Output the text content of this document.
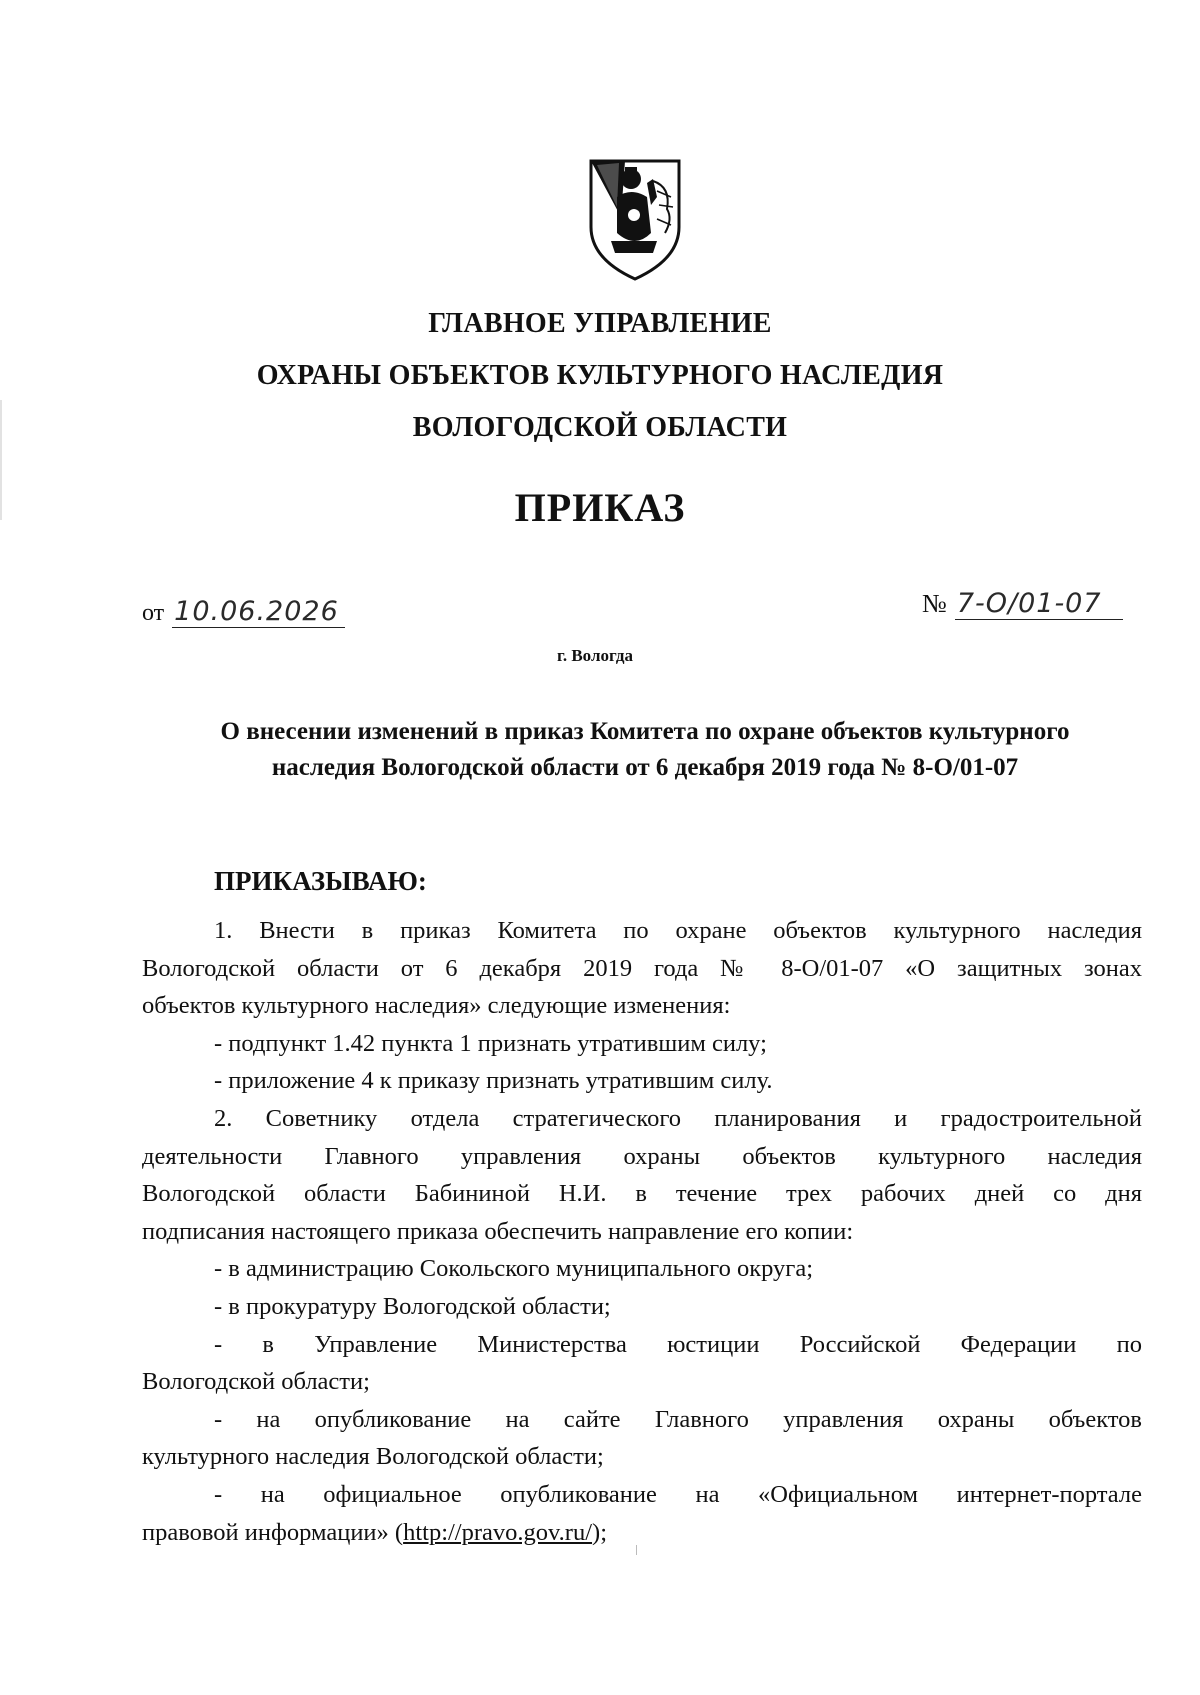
ГЛАВНОЕ УПРАВЛЕНИЕ
ОХРАНЫ ОБЪЕКТОВ КУЛЬТУРНОГО НАСЛЕДИЯ
ВОЛОГОДСКОЙ ОБЛАСТИ
ПРИКАЗ
от 10.06.2026	№ 7-О/01-07
г. Вологда
О внесении изменений в приказ Комитета по охране объектов культурного
наследия Вологодской области от 6 декабря 2019 года № 8-О/01-07
ПРИКАЗЫВАЮ:

1. Внести в приказ Комитета по охране объектов культурного наследия

Вологодской области от 6 декабря 2019 года № 8-О/01-07 «О защитных зонах

объектов культурного наследия» следующие изменения:

- подпункт 1.42 пункта 1 признать утратившим силу;

- приложение 4 к приказу признать утратившим силу.

2. Советнику отдела стратегического планирования и градостроительной

деятельности Главного управления охраны объектов культурного наследия

Вологодской области Бабининой Н.И. в течение трех рабочих дней со дня

подписания настоящего приказа обеспечить направление его копии:

- в администрацию Сокольского муниципального округа;

- в прокуратуру Вологодской области;

- в Управление Министерства юстиции Российской Федерации по

Вологодской области;

- на опубликование на сайте Главного управления охраны объектов

культурного наследия Вологодской области;

- на официальное опубликование на «Официальном интернет-портале

правовой информации» (http://pravo.gov.ru/);
